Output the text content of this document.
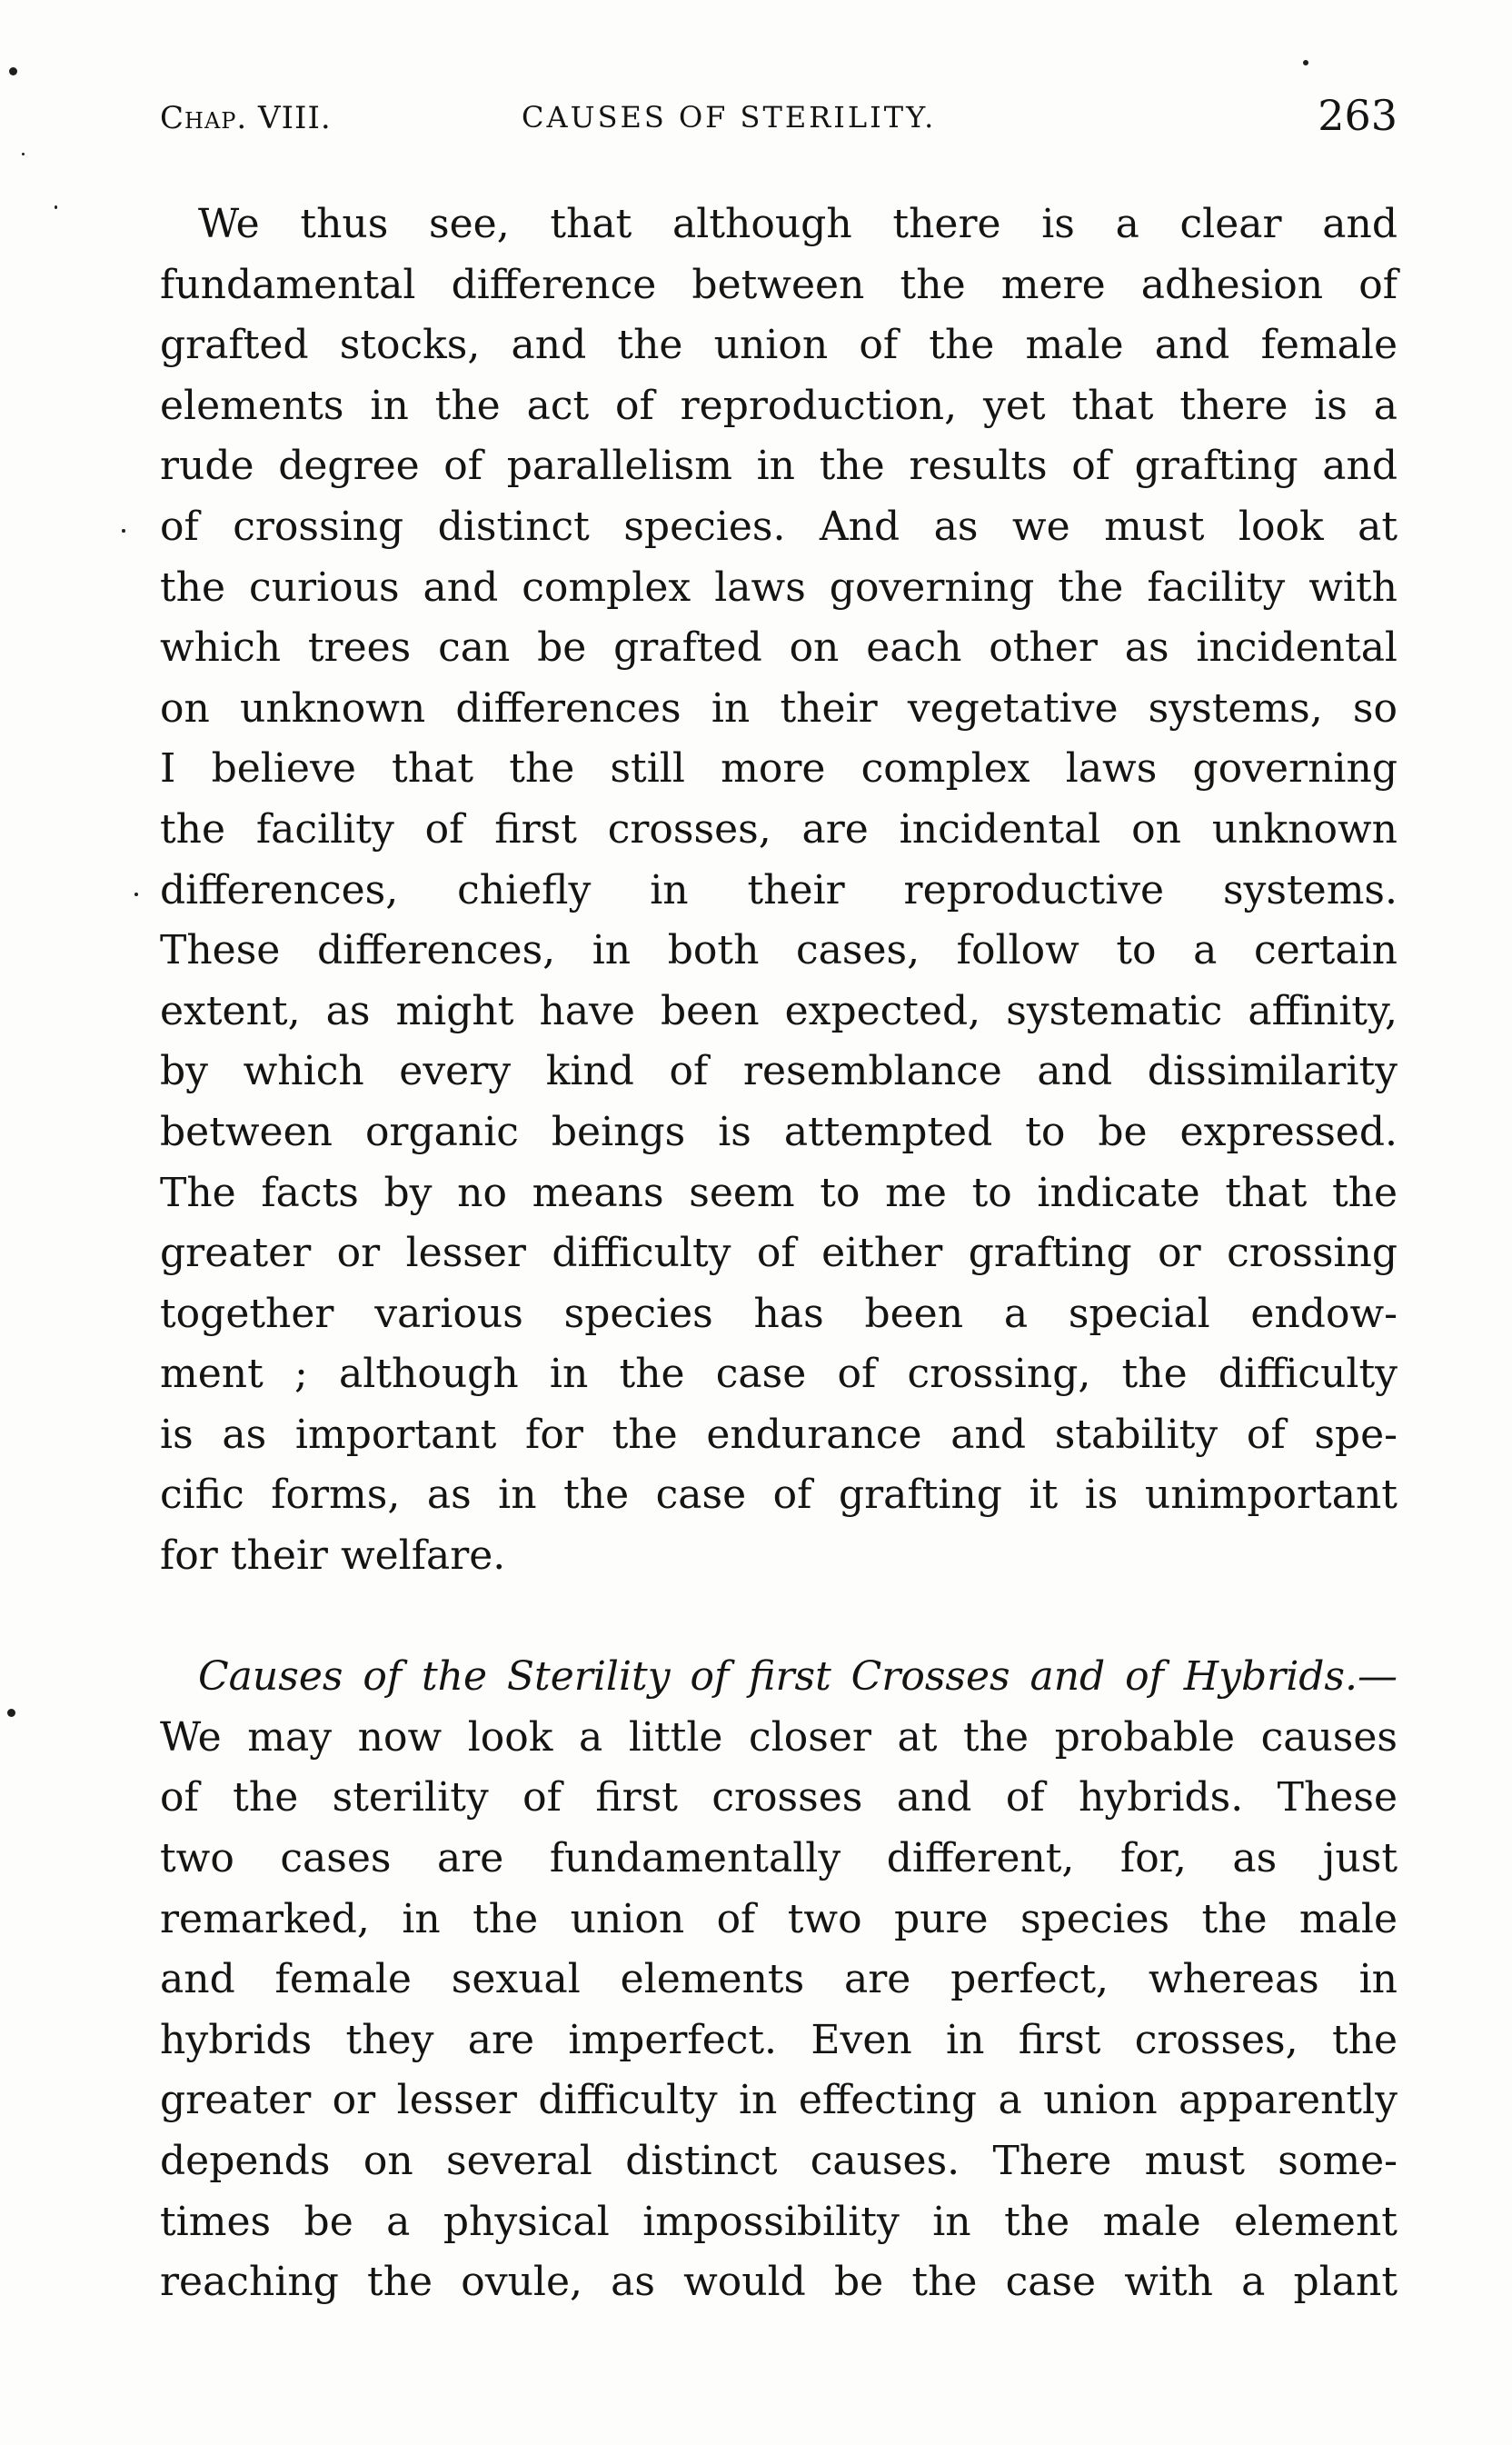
Chap. VIII.	CAUSES OF STERILITY.	263
We thus see, that although there is a clear and
fundamental difference between the mere adhesion of
grafted stocks, and the union of the male and female
elements in the act of reproduction, yet that there is a
rude degree of parallelism in the results of grafting and
of crossing distinct species. And as we must look at
the curious and complex laws governing the facility with
which trees can be grafted on each other as incidental
on unknown differences in their vegetative systems, so
I believe that the still more complex laws governing
the facility of first crosses, are incidental on unknown
differences, chiefly in their reproductive systems.
These differences, in both cases, follow to a certain
extent, as might have been expected, systematic affinity,
by which every kind of resemblance and dissimilarity
between organic beings is attempted to be expressed.
The facts by no means seem to me to indicate that the
greater or lesser difficulty of either grafting or crossing
together various species has been a special endow-
ment ; although in the case of crossing, the difficulty
is as important for the endurance and stability of spe-
cific forms, as in the case of grafting it is unimportant
for their welfare.
Causes of the Sterility of first Crosses and of Hybrids.—
We may now look a little closer at the probable causes
of the sterility of first crosses and of hybrids. These
two cases are fundamentally different, for, as just
remarked, in the union of two pure species the male
and female sexual elements are perfect, whereas in
hybrids they are imperfect. Even in first crosses, the
greater or lesser difficulty in effecting a union apparently
depends on several distinct causes. There must some-
times be a physical impossibility in the male element
reaching the ovule, as would be the case with a plant
